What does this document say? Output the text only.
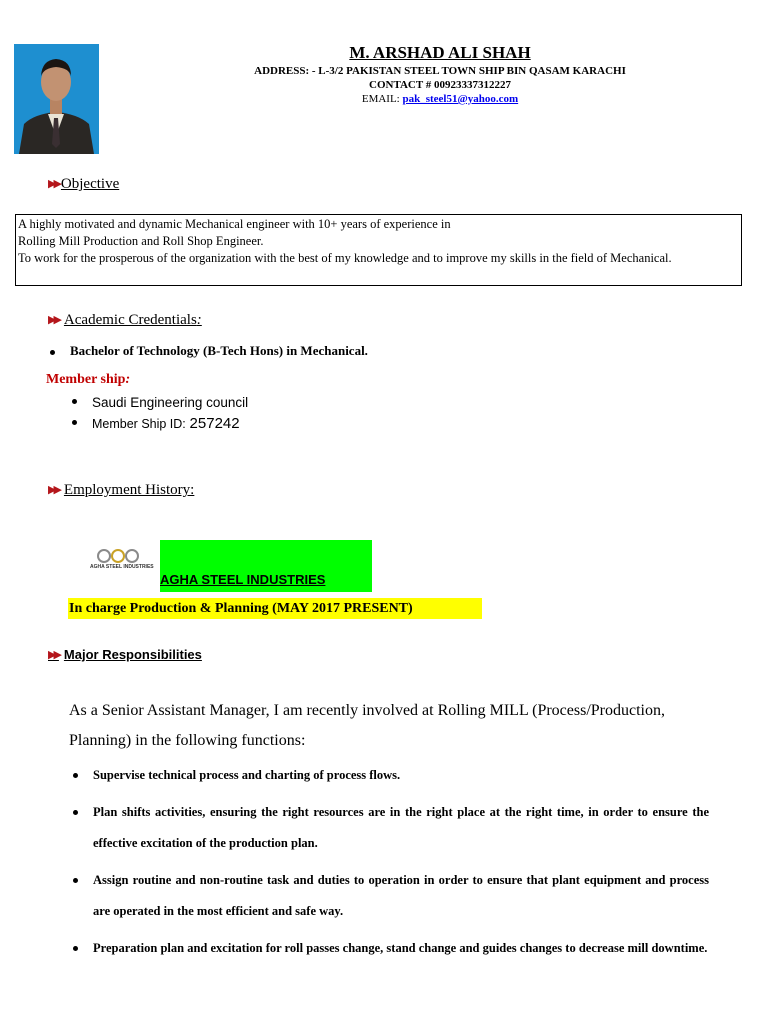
M. ARSHAD ALI SHAH
ADDRESS: - L-3/2 PAKISTAN STEEL TOWN SHIP BIN QASAM KARACHI
CONTACT # 00923337312227
EMAIL: pak_steel51@yahoo.com
▶▶ Objective
A highly motivated and dynamic Mechanical engineer with 10+ years of experience in
Rolling Mill Production and Roll Shop Engineer.
To work for the prosperous of the organization with the best of my knowledge and to improve my skills in the field of Mechanical.
▶▶ Academic Credentials:
Bachelor of Technology (B-Tech Hons) in Mechanical.
Member ship:
Saudi Engineering council
Member Ship ID: 257242
▶▶ Employment History:
AGHA STEEL INDUSTRIES
AGHA STEEL INDUSTRIES
In charge Production & Planning (MAY 2017 PRESENT)
▶▶ Major Responsibilities
As a Senior Assistant Manager, I am recently involved at Rolling MILL (Process/Production, Planning) in the following functions:
Supervise technical process and charting of process flows.
Plan shifts activities, ensuring the right resources are in the right place at the right time, in order to ensure the effective excitation of the production plan.
Assign routine and non-routine task and duties to operation in order to ensure that plant equipment and process are operated in the most efficient and safe way.
Preparation plan and excitation for roll passes change, stand change and guides changes to decrease mill downtime.
